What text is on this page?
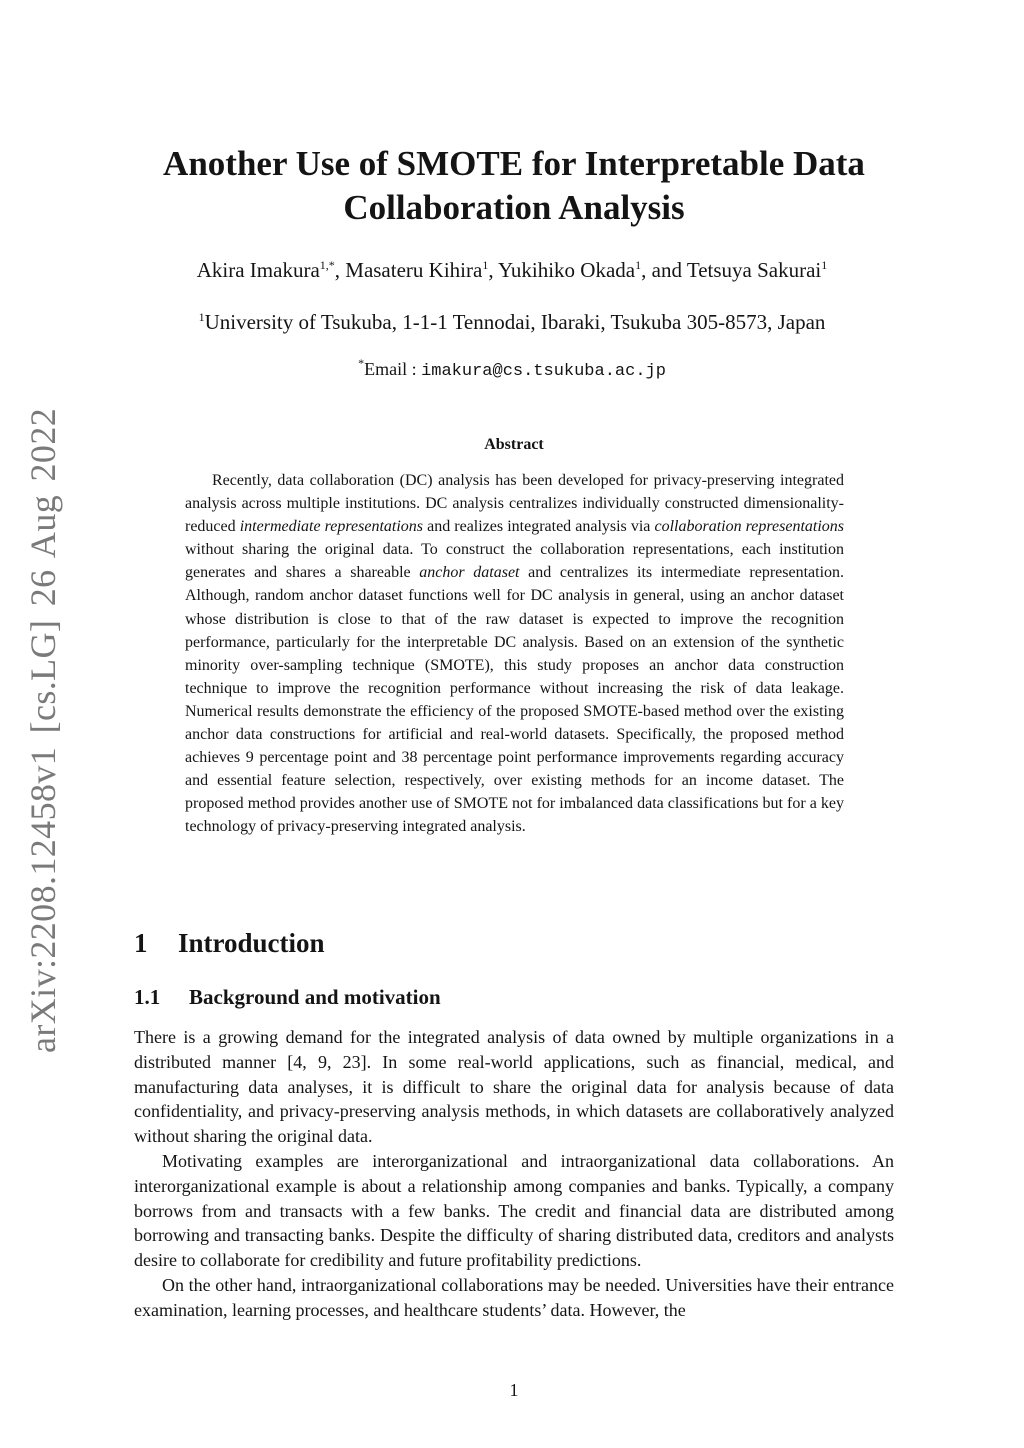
arXiv:2208.12458v1 [cs.LG] 26 Aug 2022
Another Use of SMOTE for Interpretable Data Collaboration Analysis
Akira Imakura$^{1,*}$, Masateru Kihira$^1$, Yukihiko Okada$^1$, and Tetsuya Sakurai$^1$
$^1$University of Tsukuba, 1-1-1 Tennodai, Ibaraki, Tsukuba 305-8573, Japan
*Email : imakura@cs.tsukuba.ac.jp
Abstract

Recently, data collaboration (DC) analysis has been developed for privacy-preserving integrated analysis across multiple institutions. DC analysis centralizes individually constructed dimensionality-reduced intermediate representations and realizes integrated analysis via collaboration representations without sharing the original data. To construct the collaboration representations, each institution generates and shares a shareable anchor dataset and centralizes its intermediate representation. Although, random anchor dataset functions well for DC analysis in general, using an anchor dataset whose distribution is close to that of the raw dataset is expected to improve the recognition performance, particularly for the interpretable DC analysis. Based on an extension of the synthetic minority over-sampling technique (SMOTE), this study proposes an anchor data construction technique to improve the recognition performance without increasing the risk of data leakage. Numerical results demonstrate the efficiency of the proposed SMOTE-based method over the existing anchor data constructions for artificial and real-world datasets. Specifically, the proposed method achieves 9 percentage point and 38 percentage point performance improvements regarding accuracy and essential feature selection, respectively, over existing methods for an income dataset. The proposed method provides another use of SMOTE not for imbalanced data classifications but for a key technology of privacy-preserving integrated analysis.

1 Introduction
1.1 Background and motivation

There is a growing demand for the integrated analysis of data owned by multiple organizations in a distributed manner [4, 9, 23]. In some real-world applications, such as financial, medical, and manufacturing data analyses, it is difficult to share the original data for analysis because of data confidentiality, and privacy-preserving analysis methods, in which datasets are collaboratively analyzed without sharing the original data.

Motivating examples are interorganizational and intraorganizational data collaborations. An interorganizational example is about a relationship among companies and banks. Typically, a company borrows from and transacts with a few banks. The credit and financial data are distributed among borrowing and transacting banks. Despite the difficulty of sharing distributed data, creditors and analysts desire to collaborate for credibility and future profitability predictions.

On the other hand, intraorganizational collaborations may be needed. Universities have their entrance examination, learning processes, and healthcare students’ data. However, the

1
